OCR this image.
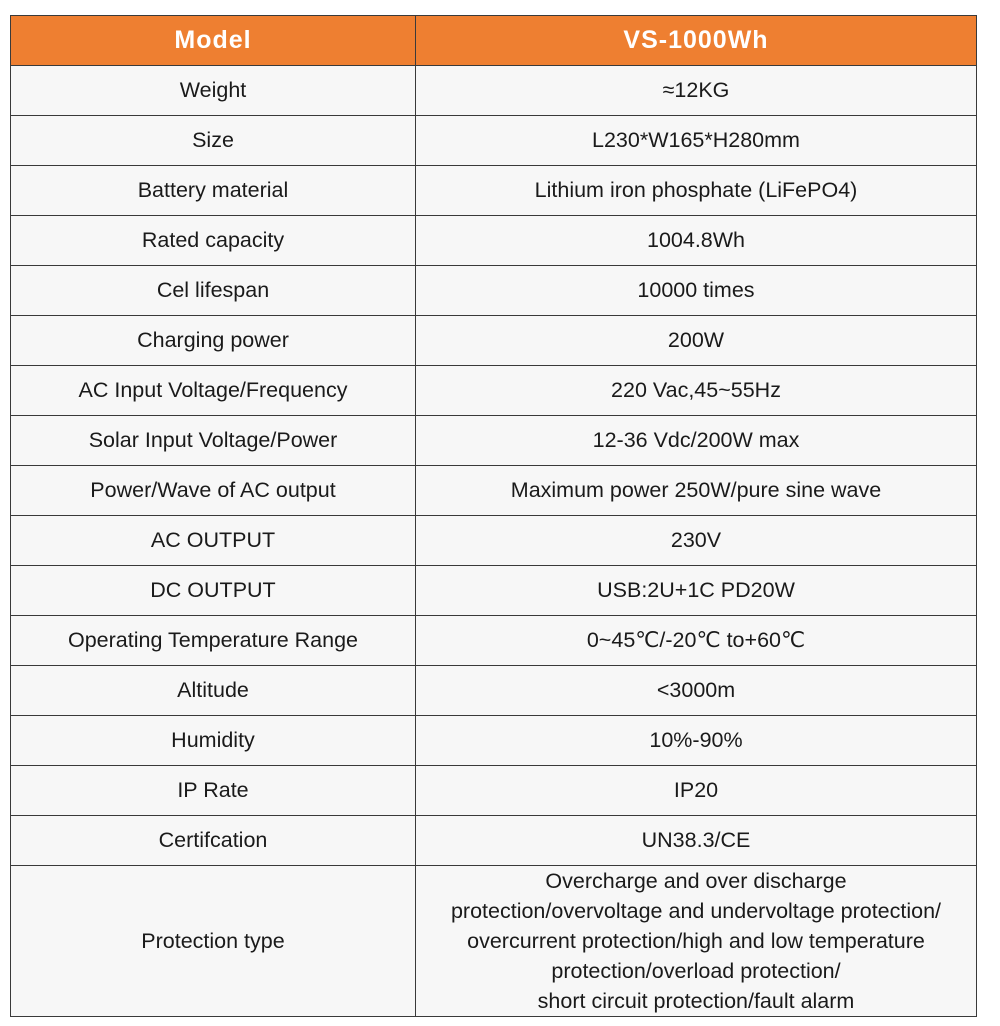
Model	VS-1000Wh
Weight	≈12KG
Size	L230*W165*H280mm
Battery material	Lithium iron phosphate (LiFePO4)
Rated capacity	1004.8Wh
Cel lifespan	10000 times
Charging power	200W
AC Input Voltage/Frequency	220 Vac,45~55Hz
Solar Input Voltage/Power	12-36 Vdc/200W max
Power/Wave of AC output	Maximum power 250W/pure sine wave
AC OUTPUT	230V
DC OUTPUT	USB:2U+1C PD20W
Operating Temperature Range	0~45℃/-20℃ to+60℃
Altitude	<3000m
Humidity	10%-90%
IP Rate	IP20
Certifcation	UN38.3/CE
Protection type	Overcharge and over discharge
protection/overvoltage and undervoltage protection/
overcurrent protection/high and low temperature
protection/overload protection/
short circuit protection/fault alarm
